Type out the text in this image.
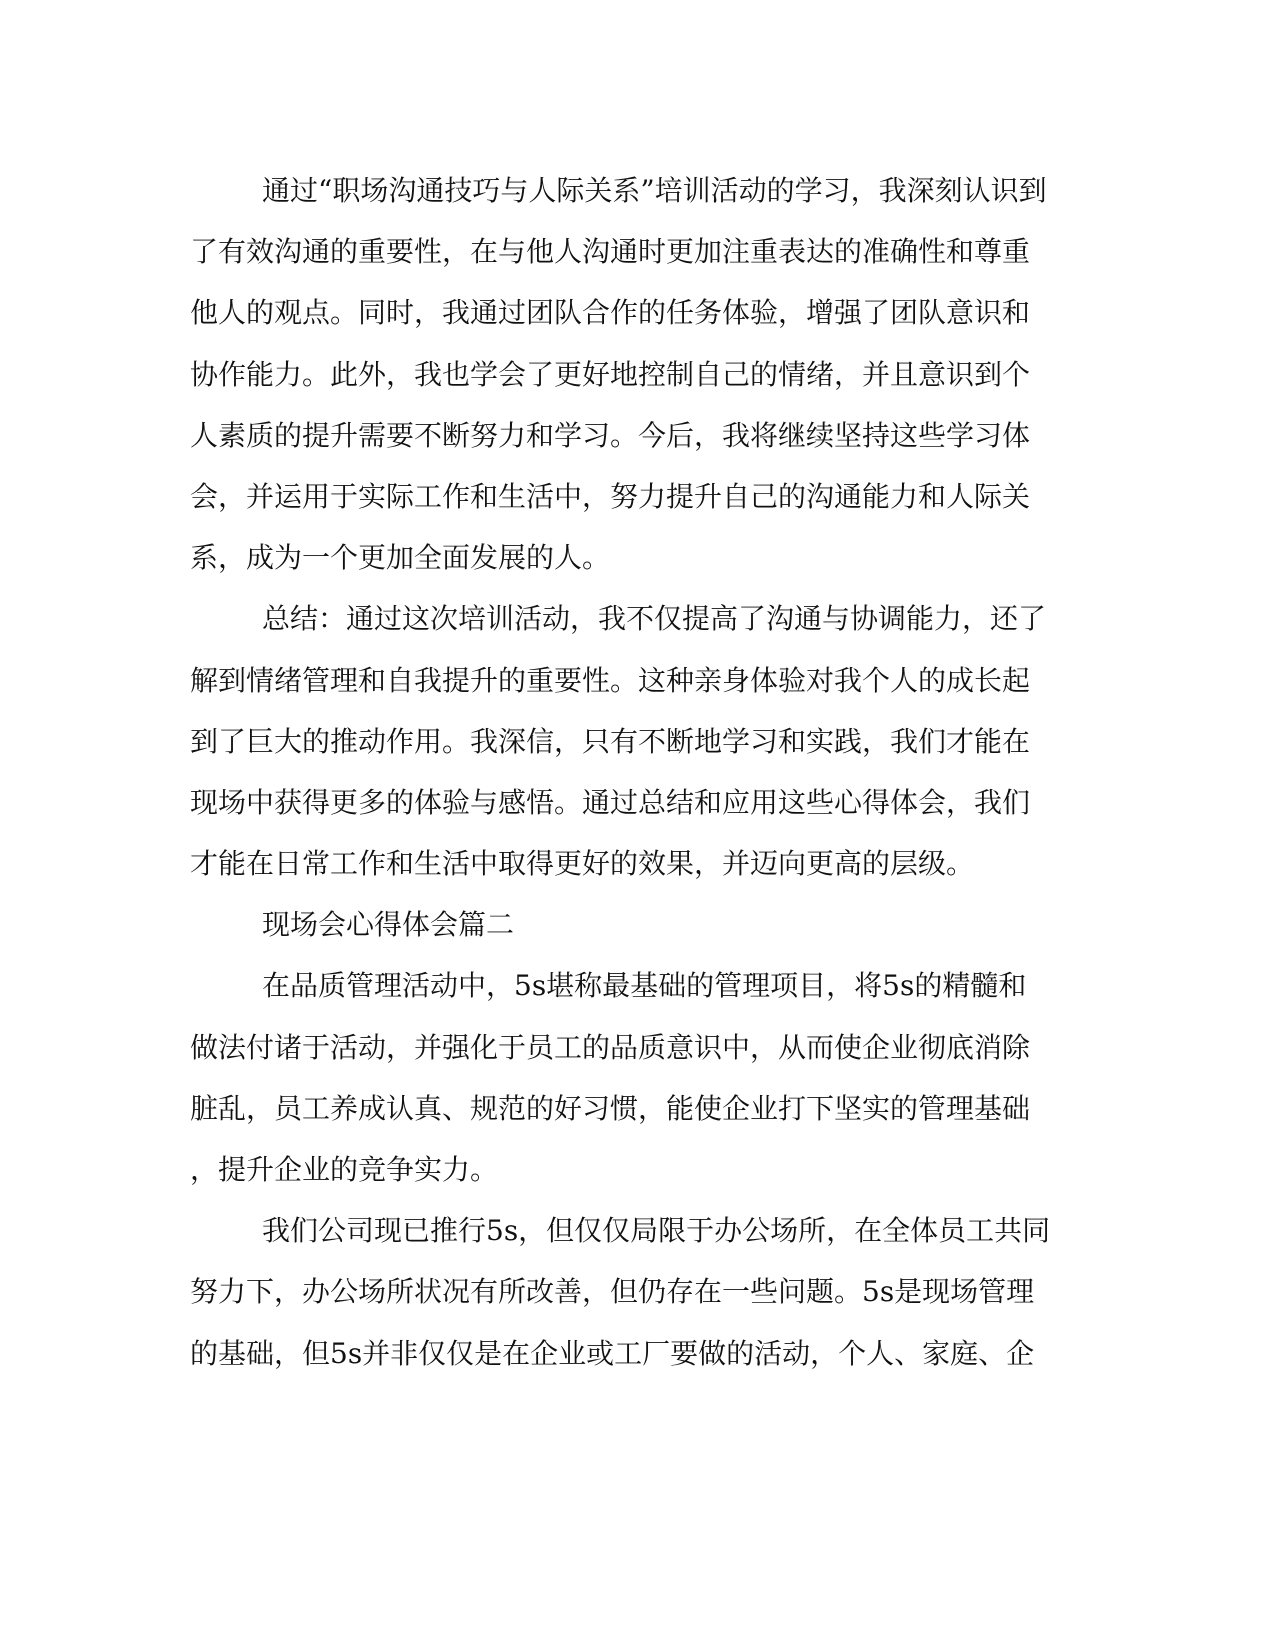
通过“职场沟通技巧与人际关系”培训活动的学习，我深刻认识到
了有效沟通的重要性，在与他人沟通时更加注重表达的准确性和尊重
他人的观点。同时，我通过团队合作的任务体验，增强了团队意识和
协作能力。此外，我也学会了更好地控制自己的情绪，并且意识到个
人素质的提升需要不断努力和学习。今后，我将继续坚持这些学习体
会，并运用于实际工作和生活中，努力提升自己的沟通能力和人际关
系，成为一个更加全面发展的人。
总结：通过这次培训活动，我不仅提高了沟通与协调能力，还了
解到情绪管理和自我提升的重要性。这种亲身体验对我个人的成长起
到了巨大的推动作用。我深信，只有不断地学习和实践，我们才能在
现场中获得更多的体验与感悟。通过总结和应用这些心得体会，我们
才能在日常工作和生活中取得更好的效果，并迈向更高的层级。
现场会心得体会篇二
在品质管理活动中，5s堪称最基础的管理项目，将5s的精髓和
做法付诸于活动，并强化于员工的品质意识中，从而使企业彻底消除
脏乱，员工养成认真、规范的好习惯，能使企业打下坚实的管理基础
，提升企业的竞争实力。
我们公司现已推行5s，但仅仅局限于办公场所，在全体员工共同
努力下，办公场所状况有所改善，但仍存在一些问题。5s是现场管理
的基础，但5s并非仅仅是在企业或工厂要做的活动，个人、家庭、企
